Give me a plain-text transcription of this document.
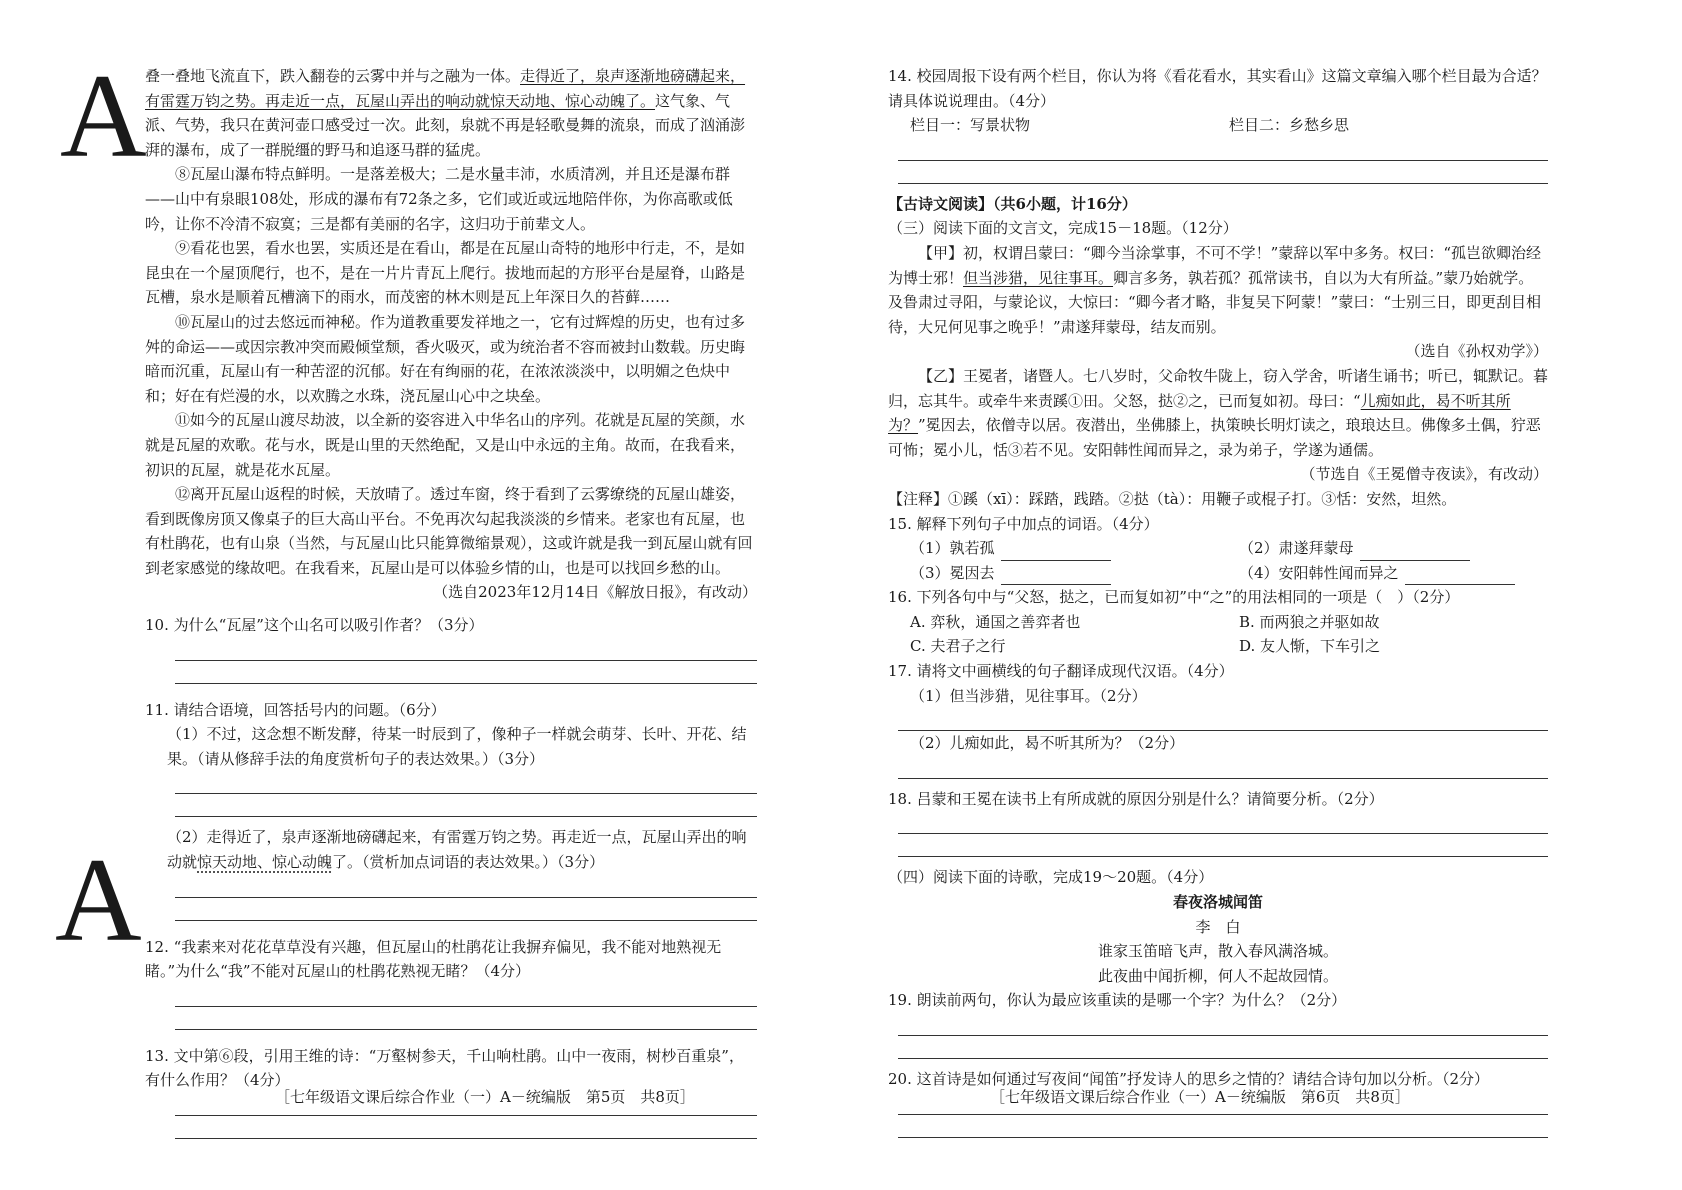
A
A

叠一叠地飞流直下，跌入翻卷的云雾中并与之融为一体。走得近了，泉声逐渐地磅礴起来，有雷霆万钧之势。再走近一点，瓦屋山弄出的响动就惊天动地、惊心动魄了。这气象、气派、气势，我只在黄河壶口感受过一次。此刻，泉就不再是轻歌曼舞的流泉，而成了汹涌澎湃的瀑布，成了一群脱缰的野马和追逐马群的猛虎。

⑧瓦屋山瀑布特点鲜明。一是落差极大；二是水量丰沛，水质清冽，并且还是瀑布群——山中有泉眼108处，形成的瀑布有72条之多，它们或近或远地陪伴你，为你高歌或低吟，让你不冷清不寂寞；三是都有美丽的名字，这归功于前辈文人。

⑨看花也罢，看水也罢，实质还是在看山，都是在瓦屋山奇特的地形中行走，不，是如昆虫在一个屋顶爬行，也不，是在一片片青瓦上爬行。拔地而起的方形平台是屋脊，山路是瓦槽，泉水是顺着瓦槽滴下的雨水，而茂密的林木则是瓦上年深日久的苔藓……

⑩瓦屋山的过去悠远而神秘。作为道教重要发祥地之一，它有过辉煌的历史，也有过多舛的命运——或因宗教冲突而殿倾堂颓，香火吸灭，或为统治者不容而被封山数载。历史晦暗而沉重，瓦屋山有一种苦涩的沉郁。好在有绚丽的花，在浓浓淡淡中，以明媚之色炔中和；好在有烂漫的水，以欢腾之水珠，浇瓦屋山心中之块垒。

⑪如今的瓦屋山渡尽劫波，以全新的姿容进入中华名山的序列。花就是瓦屋的笑颜，水就是瓦屋的欢歌。花与水，既是山里的天然绝配，又是山中永远的主角。故而，在我看来，初识的瓦屋，就是花水瓦屋。

⑫离开瓦屋山返程的时候，天放晴了。透过车窗，终于看到了云雾缭绕的瓦屋山雄姿，看到既像房顶又像桌子的巨大高山平台。不免再次勾起我淡淡的乡情来。老家也有瓦屋，也有杜鹃花，也有山泉（当然，与瓦屋山比只能算微缩景观），这或许就是我一到瓦屋山就有回到老家感觉的缘故吧。在我看来，瓦屋山是可以体验乡情的山，也是可以找回乡愁的山。

（选自2023年12月14日《解放日报》，有改动）

10. 为什么“瓦屋”这个山名可以吸引作者？（3分）

11. 请结合语境，回答括号内的问题。（6分）

（1）不过，这念想不断发酵，待某一时辰到了，像种子一样就会萌芽、长叶、开花、结果。（请从修辞手法的角度赏析句子的表达效果。）（3分）

（2）走得近了，泉声逐渐地磅礴起来，有雷霆万钧之势。再走近一点，瓦屋山弄出的响动就惊天动地、惊心动魄了。（赏析加点词语的表达效果。）（3分）

12. “我素来对花花草草没有兴趣，但瓦屋山的杜鹃花让我摒弃偏见，我不能对地熟视无睹。”为什么“我”不能对瓦屋山的杜鹃花熟视无睹？（4分）

13. 文中第⑥段，引用王维的诗：“万壑树参天，千山响杜鹃。山中一夜雨，树杪百重泉”，有什么作用？（4分）

［七年级语文课后综合作业（一）A－统编版　第5页　共8页］

14. 校园周报下设有两个栏目，你认为将《看花看水，其实看山》这篇文章编入哪个栏目最为合适？请具体说说理由。（4分）

栏目一：写景状物	栏目二：乡愁乡思

【古诗文阅读】（共6小题，计16分）

（三）阅读下面的文言文，完成15－18题。（12分）

【甲】初，权谓吕蒙曰：“卿今当涂掌事，不可不学！”蒙辞以军中多务。权曰：“孤岂欲卿治经为博士邪！但当涉猎，见往事耳。卿言多务，孰若孤？孤常读书，自以为大有所益。”蒙乃始就学。及鲁肃过寻阳，与蒙论议，大惊曰：“卿今者才略，非复吴下阿蒙！”蒙曰：“士别三日，即更刮目相待，大兄何见事之晚乎！”肃遂拜蒙母，结友而别。

（选自《孙权劝学》）

【乙】王冕者，诸暨人。七八岁时，父命牧牛陇上，窃入学舍，听诸生诵书；听已，辄默记。暮归，忘其牛。或牵牛来责蹊①田。父怒，挞②之，已而复如初。母曰：“儿痴如此，曷不听其所为？”冕因去，依僧寺以居。夜潜出，坐佛膝上，执策映长明灯读之，琅琅达旦。佛像多土偶，狞恶可怖；冕小儿，恬③若不见。安阳韩性闻而异之，录为弟子，学遂为通儒。

（节选自《王冕僧寺夜读》，有改动）

【注释】①蹊（xī）：踩踏，践踏。②挞（tà）：用鞭子或棍子打。③恬：安然，坦然。

15. 解释下列句子中加点的词语。（4分）

（1）孰若孤	（2）肃遂拜蒙母
（3）冕因去	（4）安阳韩性闻而异之

16. 下列各句中与“父怒，挞之，已而复如初”中“之”的用法相同的一项是（　）（2分）

A. 弈秋，通国之善弈者也	B. 而两狼之并驱如故
C. 夫君子之行	D. 友人惭，下车引之

17. 请将文中画横线的句子翻译成现代汉语。（4分）

（1）但当涉猎，见往事耳。（2分）

（2）儿痴如此，曷不听其所为？（2分）

18. 吕蒙和王冕在读书上有所成就的原因分别是什么？请简要分析。（2分）

（四）阅读下面的诗歌，完成19～20题。（4分）

春夜洛城闻笛

李　白

谁家玉笛暗飞声，散入春风满洛城。

此夜曲中闻折柳，何人不起故园情。

19. 朗读前两句，你认为最应该重读的是哪一个字？为什么？（2分）

20. 这首诗是如何通过写夜间“闻笛”抒发诗人的思乡之情的？请结合诗句加以分析。（2分）

［七年级语文课后综合作业（一）A－统编版　第6页　共8页］
